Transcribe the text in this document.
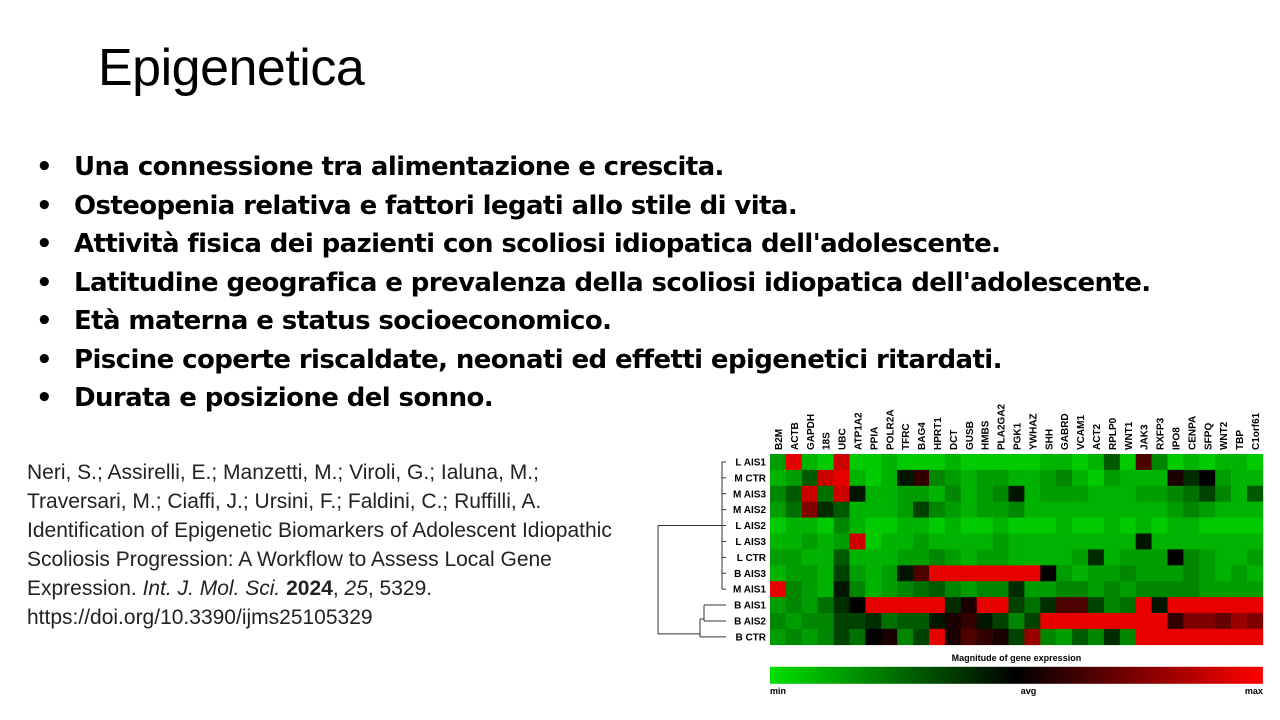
Epigenetica
• Una connessione tra alimentazione e crescita.
• Osteopenia relativa e fattori legati allo stile di vita.
• Attività fisica dei pazienti con scoliosi idiopatica dell'adolescente.
• Latitudine geografica e prevalenza della scoliosi idiopatica dell'adolescente.
• Età materna e status socioeconomico.
• Piscine coperte riscaldate, neonati ed effetti epigenetici ritardati.
• Durata e posizione del sonno.
Neri, S.; Assirelli, E.; Manzetti, M.; Viroli, G.; Ialuna, M.; Traversari, M.; Ciaffi, J.; Ursini, F.; Faldini, C.; Ruffilli, A. Identification of Epigenetic Biomarkers of Adolescent Idiopathic Scoliosis Progression: A Workflow to Assess Local Gene Expression. Int. J. Mol. Sci. 2024, 25, 5329.
https://doi.org/10.3390/ijms25105329
B2M ACTB GAPDH 18S UBC ATP1A2 PPIA POLR2A TFRC BAG4 HPRT1 DCT GUSB HMBS PLA2GA2 PGK1 YWHAZ SHH GABRD VCAM1 ACT2 RPLP0 WNT1 JAK3 RXFP3 IPO8 CENPA SFPQ WNT2 TBP C1orf61
L AIS1
M CTR
M AIS3
M AIS2
L AIS2
L AIS3
L CTR
B AIS3
M AIS1
B AIS1
B AIS2
B CTR
Magnitude of gene expression
min	avg	max
